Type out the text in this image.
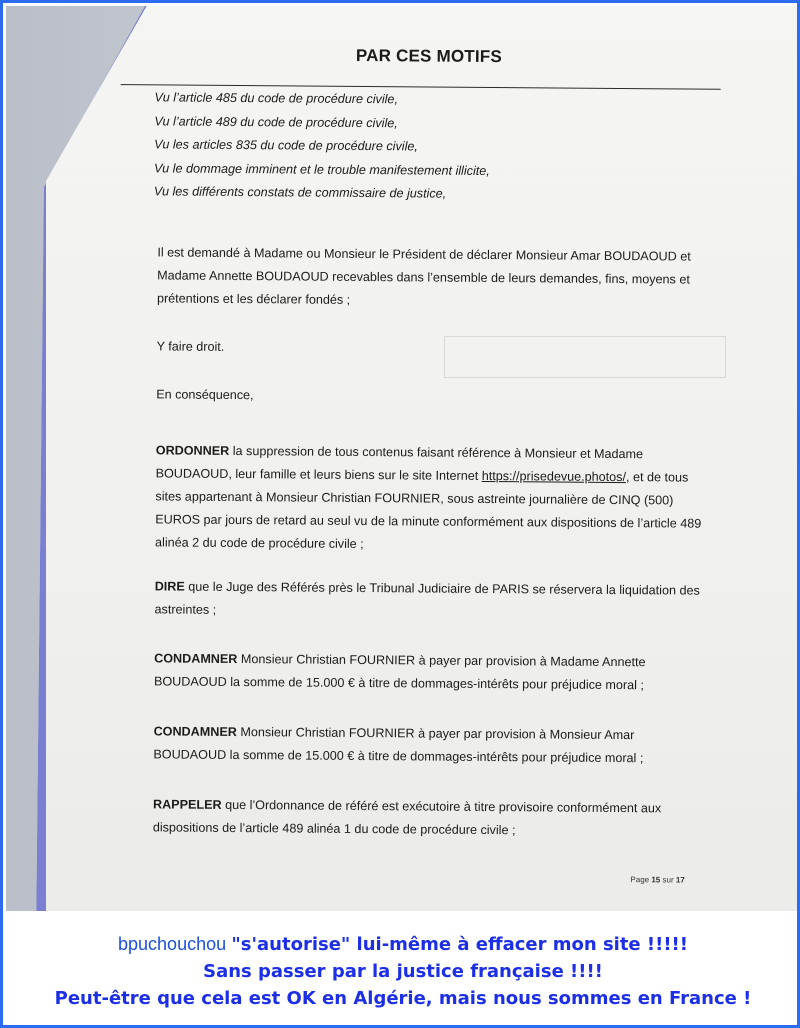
PAR CES MOTIFS
Vu l’article 485 du code de procédure civile,
Vu l’article 489 du code de procédure civile,
Vu les articles 835 du code de procédure civile,
Vu le dommage imminent et le trouble manifestement illicite,
Vu les différents constats de commissaire de justice,
Il est demandé à Madame ou Monsieur le Président de déclarer Monsieur Amar BOUDAOUD et Madame Annette BOUDAOUD recevables dans l’ensemble de leurs demandes, fins, moyens et prétentions et les déclarer fondés ;
Y faire droit.
En conséquence,
ORDONNER la suppression de tous contenus faisant référence à Monsieur et Madame BOUDAOUD, leur famille et leurs biens sur le site Internet https://prisedevue.photos/, et de tous sites appartenant à Monsieur Christian FOURNIER, sous astreinte journalière de CINQ (500) EUROS par jours de retard au seul vu de la minute conformément aux dispositions de l’article 489 alinéa 2 du code de procédure civile ;
DIRE que le Juge des Référés près le Tribunal Judiciaire de PARIS se réservera la liquidation des astreintes ;
CONDAMNER Monsieur Christian FOURNIER à payer par provision à Madame Annette BOUDAOUD la somme de 15.000 € à titre de dommages-intérêts pour préjudice moral ;
CONDAMNER Monsieur Christian FOURNIER à payer par provision à Monsieur Amar BOUDAOUD la somme de 15.000 € à titre de dommages-intérêts pour préjudice moral ;
RAPPELER que l’Ordonnance de référé est exécutoire à titre provisoire conformément aux dispositions de l’article 489 alinéa 1 du code de procédure civile ;
Page 15 sur 17
bpuchouchou "s'autorise" lui-même à effacer mon site !!!!!
Sans passer par la justice française !!!!
Peut-être que cela est OK en Algérie, mais nous sommes en France !
